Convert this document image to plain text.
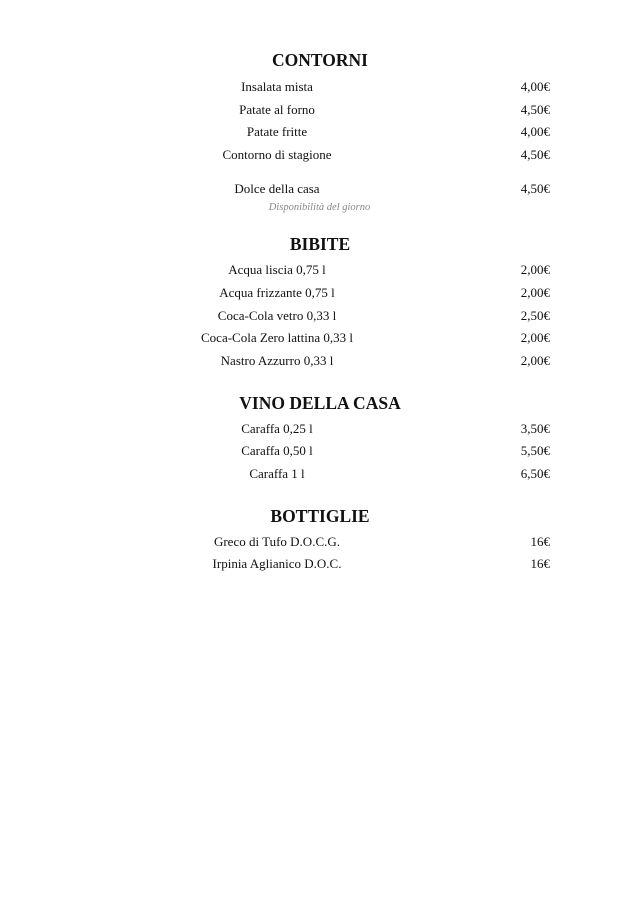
CONTORNI
Insalata mista	4,00€
Patate al forno	4,50€
Patate fritte	4,00€
Contorno di stagione	4,50€
Dolce della casa	4,50€
Disponibilità del giorno
BIBITE
Acqua liscia 0,75 l	2,00€
Acqua frizzante 0,75 l	2,00€
Coca-Cola vetro 0,33 l	2,50€
Coca-Cola Zero lattina 0,33 l	2,00€
Nastro Azzurro 0,33 l	2,00€
VINO DELLA CASA
Caraffa 0,25 l	3,50€
Caraffa 0,50 l	5,50€
Caraffa 1 l	6,50€
BOTTIGLIE
Greco di Tufo D.O.C.G.	16€
Irpinia Aglianico D.O.C.	16€
